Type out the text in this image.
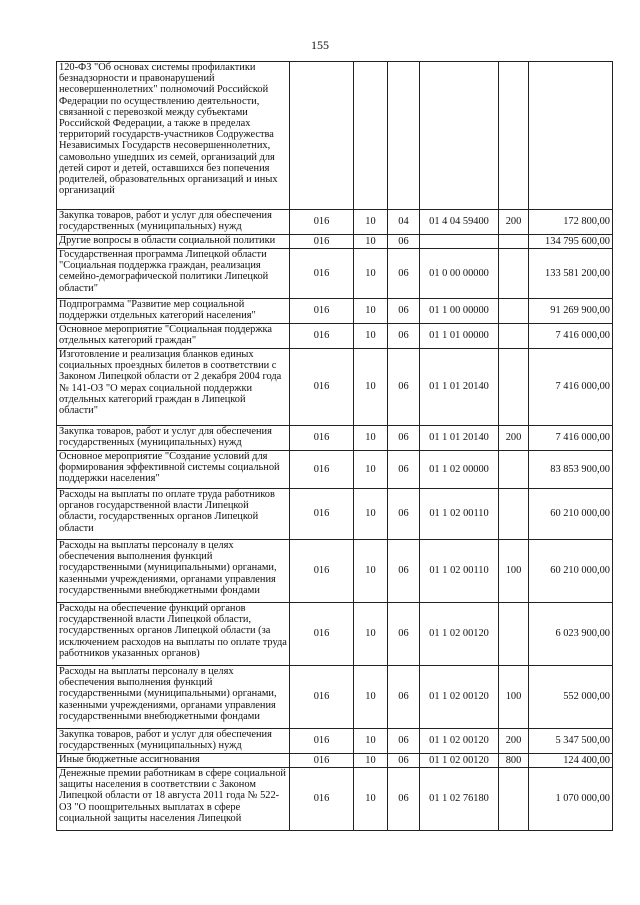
155
120-ФЗ "Об основах системы профилактики безнадзорности и правонарушений несовершеннолетних" полномочий Российской Федерации по осуществлению деятельности, связанной с перевозкой между субъектами Российской Федерации, а также в пределах территорий государств-участников Содружества Независимых Государств несовершеннолетних, самовольно ушедших из семей, организаций для детей сирот и детей, оставшихся без попечения родителей, образовательных организаций и иных организаций						
Закупка товаров, работ и услуг для обеспечения государственных (муниципальных) нужд	016	10	04	01 4 04 59400	200	172 800,00
Другие вопросы в области социальной политики	016	10	06			134 795 600,00
Государственная программа Липецкой области "Социальная поддержка граждан, реализация семейно-демографической политики Липецкой области"	016	10	06	01 0 00 00000		133 581 200,00
Подпрограмма "Развитие мер социальной поддержки отдельных категорий населения"	016	10	06	01 1 00 00000		91 269 900,00
Основное мероприятие "Социальная поддержка отдельных категорий граждан"	016	10	06	01 1 01 00000		7 416 000,00
Изготовление и реализация бланков единых социальных проездных билетов в соответствии с Законом Липецкой области от 2 декабря 2004 года № 141-ОЗ "О мерах социальной поддержки отдельных категорий граждан в Липецкой области"	016	10	06	01 1 01 20140		7 416 000,00
Закупка товаров, работ и услуг для обеспечения государственных (муниципальных) нужд	016	10	06	01 1 01 20140	200	7 416 000,00
Основное мероприятие "Создание условий для формирования эффективной системы социальной поддержки населения"	016	10	06	01 1 02 00000		83 853 900,00
Расходы на выплаты по оплате труда работников органов государственной власти Липецкой области, государственных органов Липецкой области	016	10	06	01 1 02 00110		60 210 000,00
Расходы на выплаты персоналу в целях обеспечения выполнения функций государственными (муниципальными) органами, казенными учреждениями, органами управления государственными внебюджетными фондами	016	10	06	01 1 02 00110	100	60 210 000,00
Расходы на обеспечение функций органов государственной власти Липецкой области, государственных органов Липецкой области (за исключением расходов на выплаты по оплате труда работников указанных органов)	016	10	06	01 1 02 00120		6 023 900,00
Расходы на выплаты персоналу в целях обеспечения выполнения функций государственными (муниципальными) органами, казенными учреждениями, органами управления государственными внебюджетными фондами	016	10	06	01 1 02 00120	100	552 000,00
Закупка товаров, работ и услуг для обеспечения государственных (муниципальных) нужд	016	10	06	01 1 02 00120	200	5 347 500,00
Иные бюджетные ассигнования	016	10	06	01 1 02 00120	800	124 400,00
Денежные премии работникам в сфере социальной защиты населения в соответствии с Законом Липецкой области от 18 августа 2011 года № 522-ОЗ "О поощрительных выплатах в сфере социальной защиты населения Липецкой	016	10	06	01 1 02 76180		1 070 000,00
